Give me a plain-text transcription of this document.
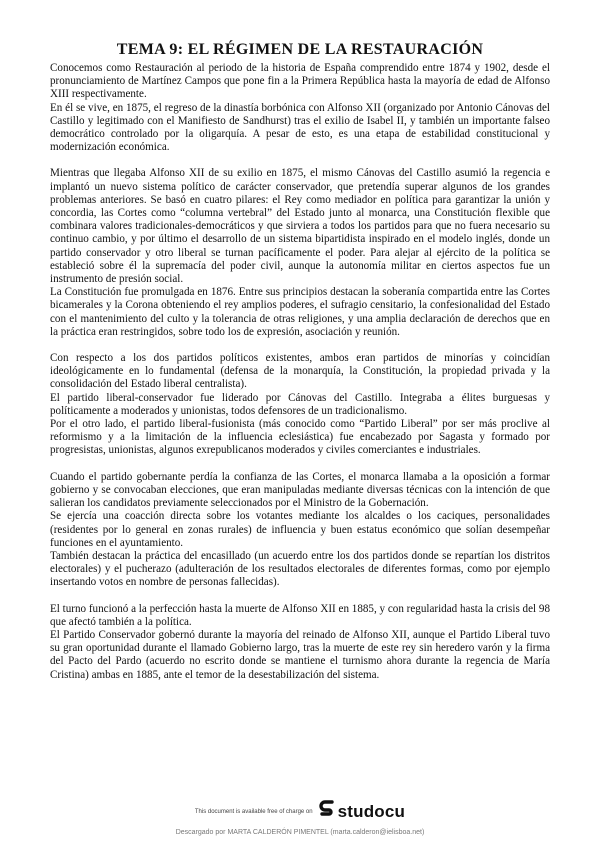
TEMA 9: EL RÉGIMEN DE LA RESTAURACIÓN

Conocemos como Restauración al periodo de la historia de España comprendido entre 1874 y 1902, desde el pronunciamiento de Martínez Campos que pone fin a la Primera República hasta la mayoría de edad de Alfonso XIII respectivamente.

En él se vive, en 1875, el regreso de la dinastía borbónica con Alfonso XII (organizado por Antonio Cánovas del Castillo y legitimado con el Manifiesto de Sandhurst) tras el exilio de Isabel II, y también un importante falseo democrático controlado por la oligarquía. A pesar de esto, es una etapa de estabilidad constitucional y modernización económica.

Mientras que llegaba Alfonso XII de su exilio en 1875, el mismo Cánovas del Castillo asumió la regencia e implantó un nuevo sistema político de carácter conservador, que pretendía superar algunos de los grandes problemas anteriores. Se basó en cuatro pilares: el Rey como mediador en política para garantizar la unión y concordia, las Cortes como “columna vertebral” del Estado junto al monarca, una Constitución flexible que combinara valores tradicionales-democráticos y que sirviera a todos los partidos para que no fuera necesario su continuo cambio, y por último el desarrollo de un sistema bipartidista inspirado en el modelo inglés, donde un partido conservador y otro liberal se turnan pacíficamente el poder. Para alejar al ejército de la política se estableció sobre él la supremacía del poder civil, aunque la autonomía militar en ciertos aspectos fue un instrumento de presión social.

La Constitución fue promulgada en 1876. Entre sus principios destacan la soberanía compartida entre las Cortes bicamerales y la Corona obteniendo el rey amplios poderes, el sufragio censitario, la confesionalidad del Estado con el mantenimiento del culto y la tolerancia de otras religiones, y una amplia declaración de derechos que en la práctica eran restringidos, sobre todo los de expresión, asociación y reunión.

Con respecto a los dos partidos políticos existentes, ambos eran partidos de minorías y coincidían ideológicamente en lo fundamental (defensa de la monarquía, la Constitución, la propiedad privada y la consolidación del Estado liberal centralista).

El partido liberal-conservador fue liderado por Cánovas del Castillo. Integraba a élites burguesas y políticamente a moderados y unionistas, todos defensores de un tradicionalismo.

Por el otro lado, el partido liberal-fusionista (más conocido como “Partido Liberal” por ser más proclive al reformismo y a la limitación de la influencia eclesiástica) fue encabezado por Sagasta y formado por progresistas, unionistas, algunos exrepublicanos moderados y civiles comerciantes e industriales.

Cuando el partido gobernante perdía la confianza de las Cortes, el monarca llamaba a la oposición a formar gobierno y se convocaban elecciones, que eran manipuladas mediante diversas técnicas con la intención de que salieran los candidatos previamente seleccionados por el Ministro de la Gobernación.

Se ejercía una coacción directa sobre los votantes mediante los alcaldes o los caciques, personalidades (residentes por lo general en zonas rurales) de influencia y buen estatus económico que solían desempeñar funciones en el ayuntamiento.

También destacan la práctica del encasillado (un acuerdo entre los dos partidos donde se repartían los distritos electorales) y el pucherazo (adulteración de los resultados electorales de diferentes formas, como por ejemplo insertando votos en nombre de personas fallecidas).

El turno funcionó a la perfección hasta la muerte de Alfonso XII en 1885, y con regularidad hasta la crisis del 98 que afectó también a la política.

El Partido Conservador gobernó durante la mayoría del reinado de Alfonso XII, aunque el Partido Liberal tuvo su gran oportunidad durante el llamado Gobierno largo, tras la muerte de este rey sin heredero varón y la firma del Pacto del Pardo (acuerdo no escrito donde se mantiene el turnismo ahora durante la regencia de María Cristina) ambas en 1885, ante el temor de la desestabilización del sistema.

This document is available free of charge on studocu
Descargado por MARTA CALDERÓN PIMENTEL (marta.calderon@ielisboa.net)
